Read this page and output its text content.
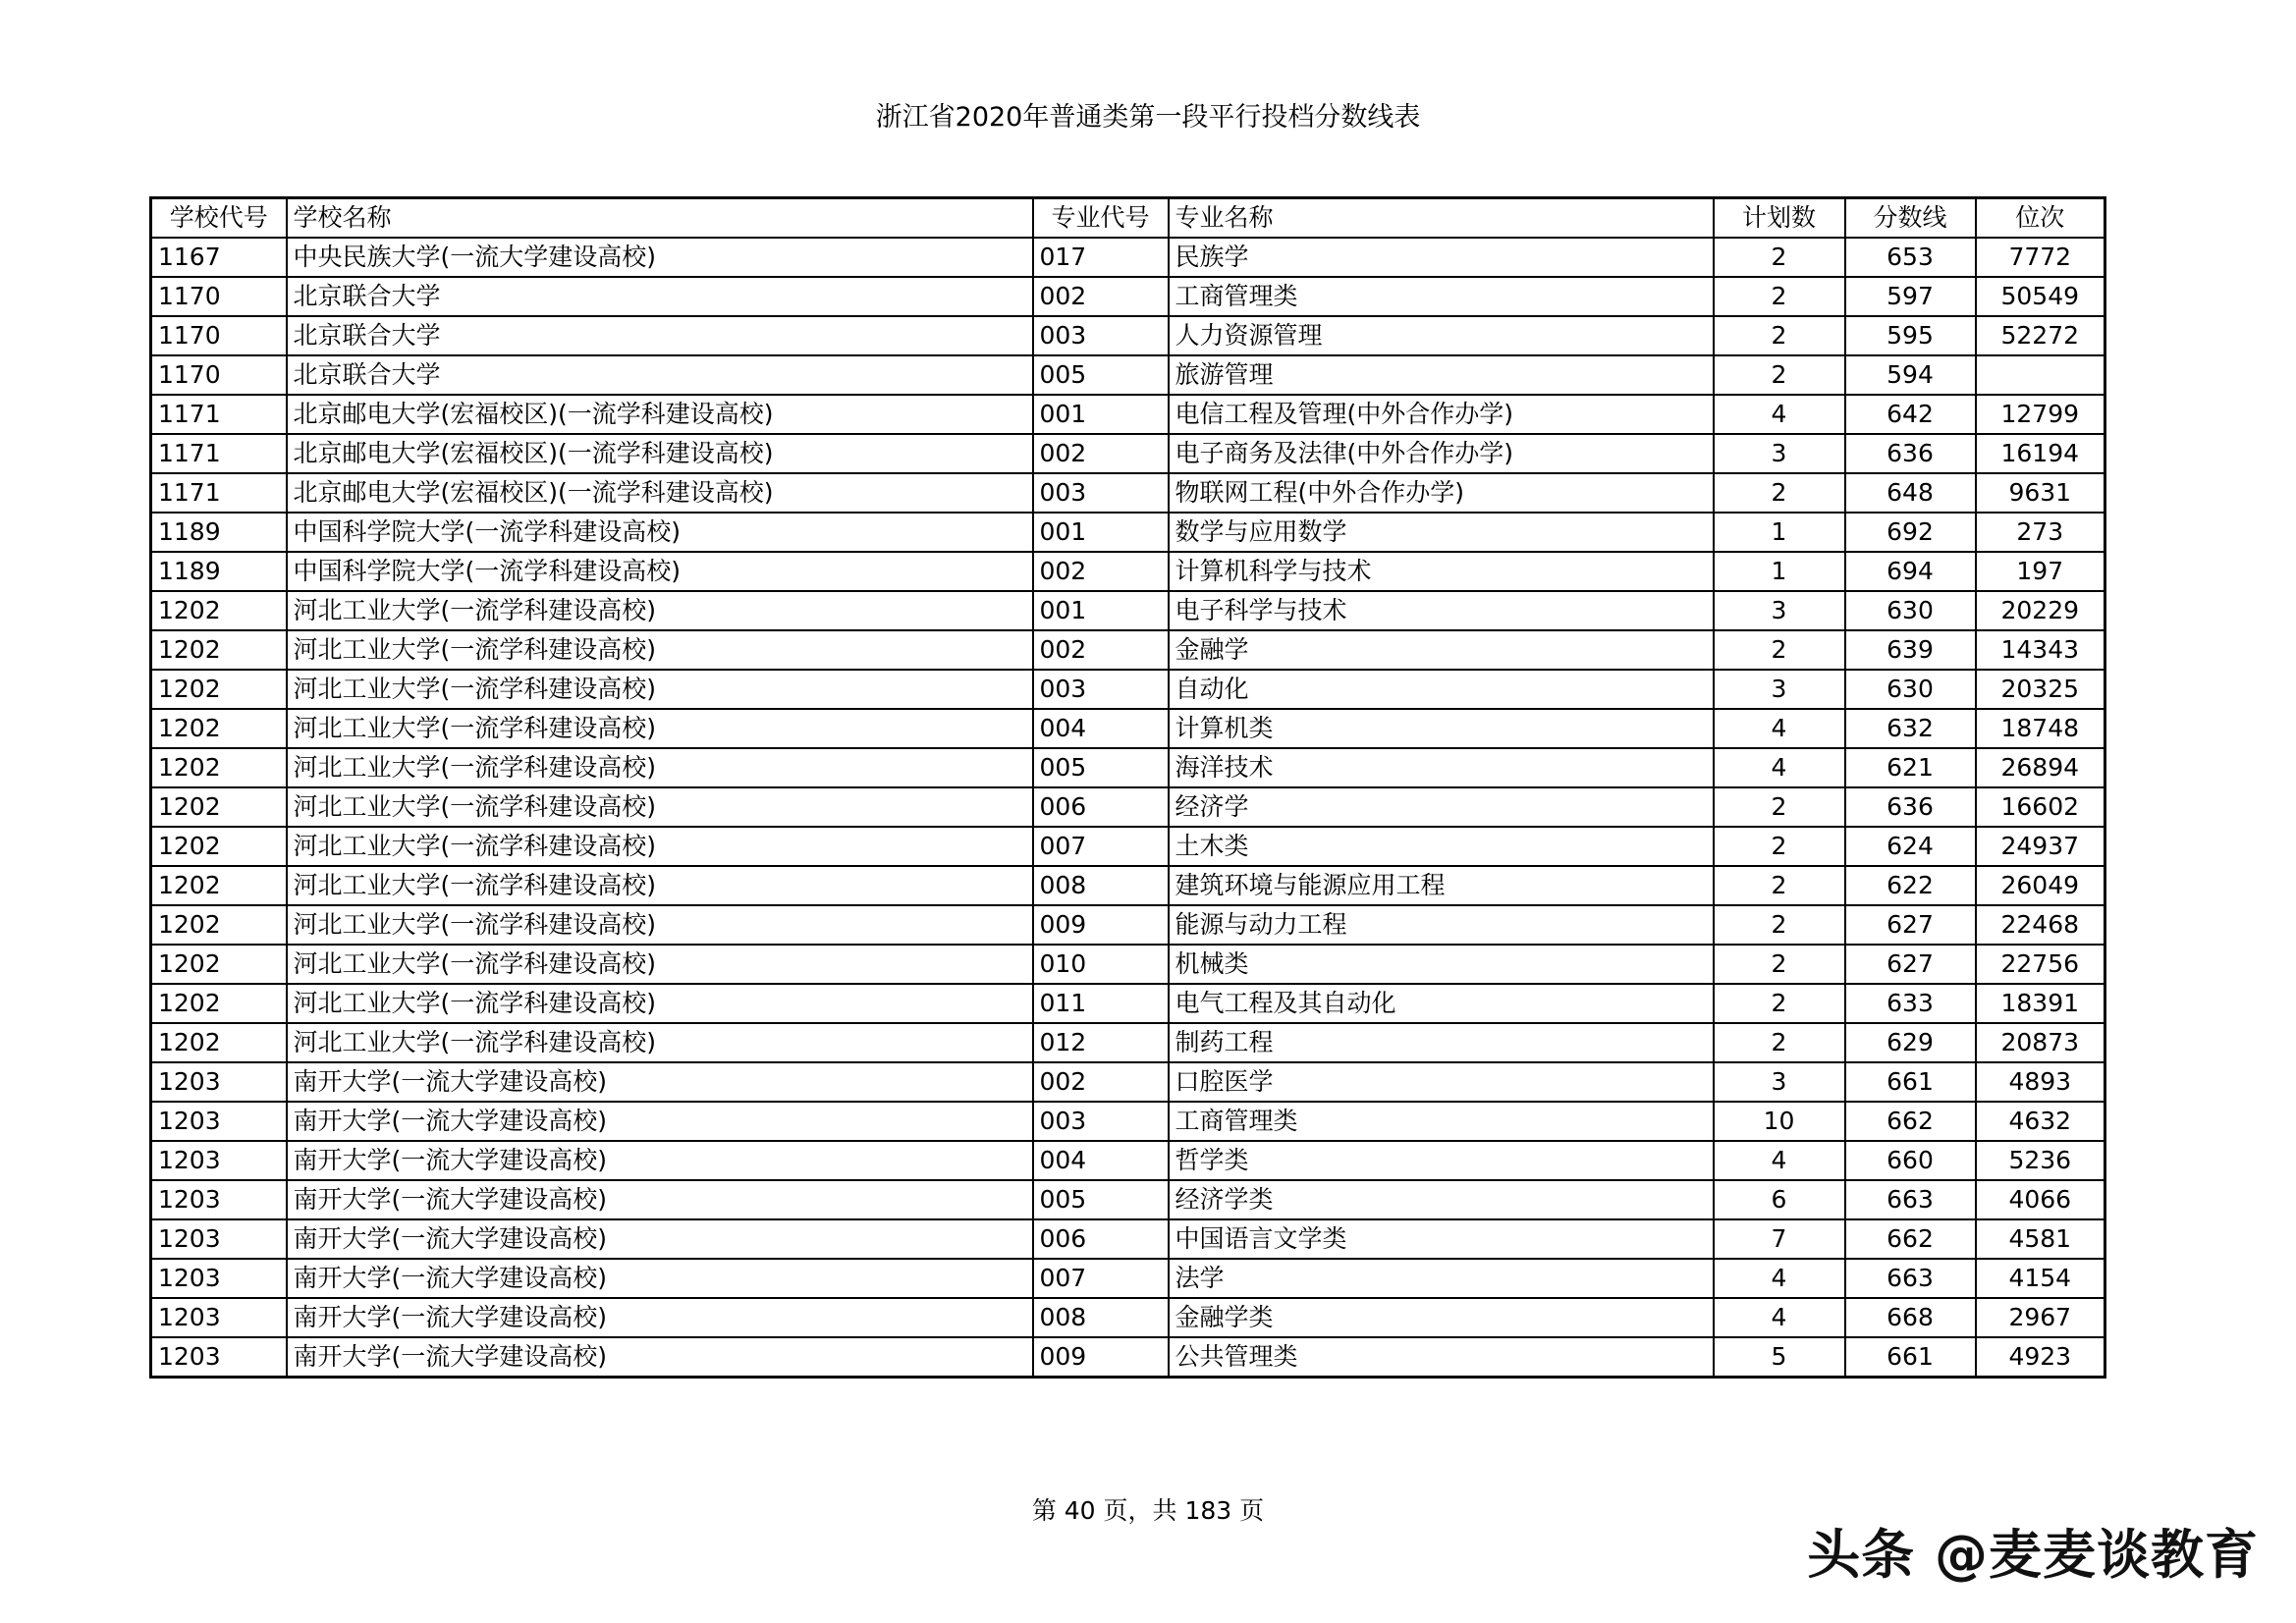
浙江省2020年普通类第一段平行投档分数线表
学校代号	学校名称	专业代号	专业名称	计划数	分数线	位次
1167	中央民族大学(一流大学建设高校)	017	民族学	2	653	7772
1170	北京联合大学	002	工商管理类	2	597	50549
1170	北京联合大学	003	人力资源管理	2	595	52272
1170	北京联合大学	005	旅游管理	2	594	
1171	北京邮电大学(宏福校区)(一流学科建设高校)	001	电信工程及管理(中外合作办学)	4	642	12799
1171	北京邮电大学(宏福校区)(一流学科建设高校)	002	电子商务及法律(中外合作办学)	3	636	16194
1171	北京邮电大学(宏福校区)(一流学科建设高校)	003	物联网工程(中外合作办学)	2	648	9631
1189	中国科学院大学(一流学科建设高校)	001	数学与应用数学	1	692	273
1189	中国科学院大学(一流学科建设高校)	002	计算机科学与技术	1	694	197
1202	河北工业大学(一流学科建设高校)	001	电子科学与技术	3	630	20229
1202	河北工业大学(一流学科建设高校)	002	金融学	2	639	14343
1202	河北工业大学(一流学科建设高校)	003	自动化	3	630	20325
1202	河北工业大学(一流学科建设高校)	004	计算机类	4	632	18748
1202	河北工业大学(一流学科建设高校)	005	海洋技术	4	621	26894
1202	河北工业大学(一流学科建设高校)	006	经济学	2	636	16602
1202	河北工业大学(一流学科建设高校)	007	土木类	2	624	24937
1202	河北工业大学(一流学科建设高校)	008	建筑环境与能源应用工程	2	622	26049
1202	河北工业大学(一流学科建设高校)	009	能源与动力工程	2	627	22468
1202	河北工业大学(一流学科建设高校)	010	机械类	2	627	22756
1202	河北工业大学(一流学科建设高校)	011	电气工程及其自动化	2	633	18391
1202	河北工业大学(一流学科建设高校)	012	制药工程	2	629	20873
1203	南开大学(一流大学建设高校)	002	口腔医学	3	661	4893
1203	南开大学(一流大学建设高校)	003	工商管理类	10	662	4632
1203	南开大学(一流大学建设高校)	004	哲学类	4	660	5236
1203	南开大学(一流大学建设高校)	005	经济学类	6	663	4066
1203	南开大学(一流大学建设高校)	006	中国语言文学类	7	662	4581
1203	南开大学(一流大学建设高校)	007	法学	4	663	4154
1203	南开大学(一流大学建设高校)	008	金融学类	4	668	2967
1203	南开大学(一流大学建设高校)	009	公共管理类	5	661	4923
第 40 页，共 183 页
头条 @麦麦谈教育
